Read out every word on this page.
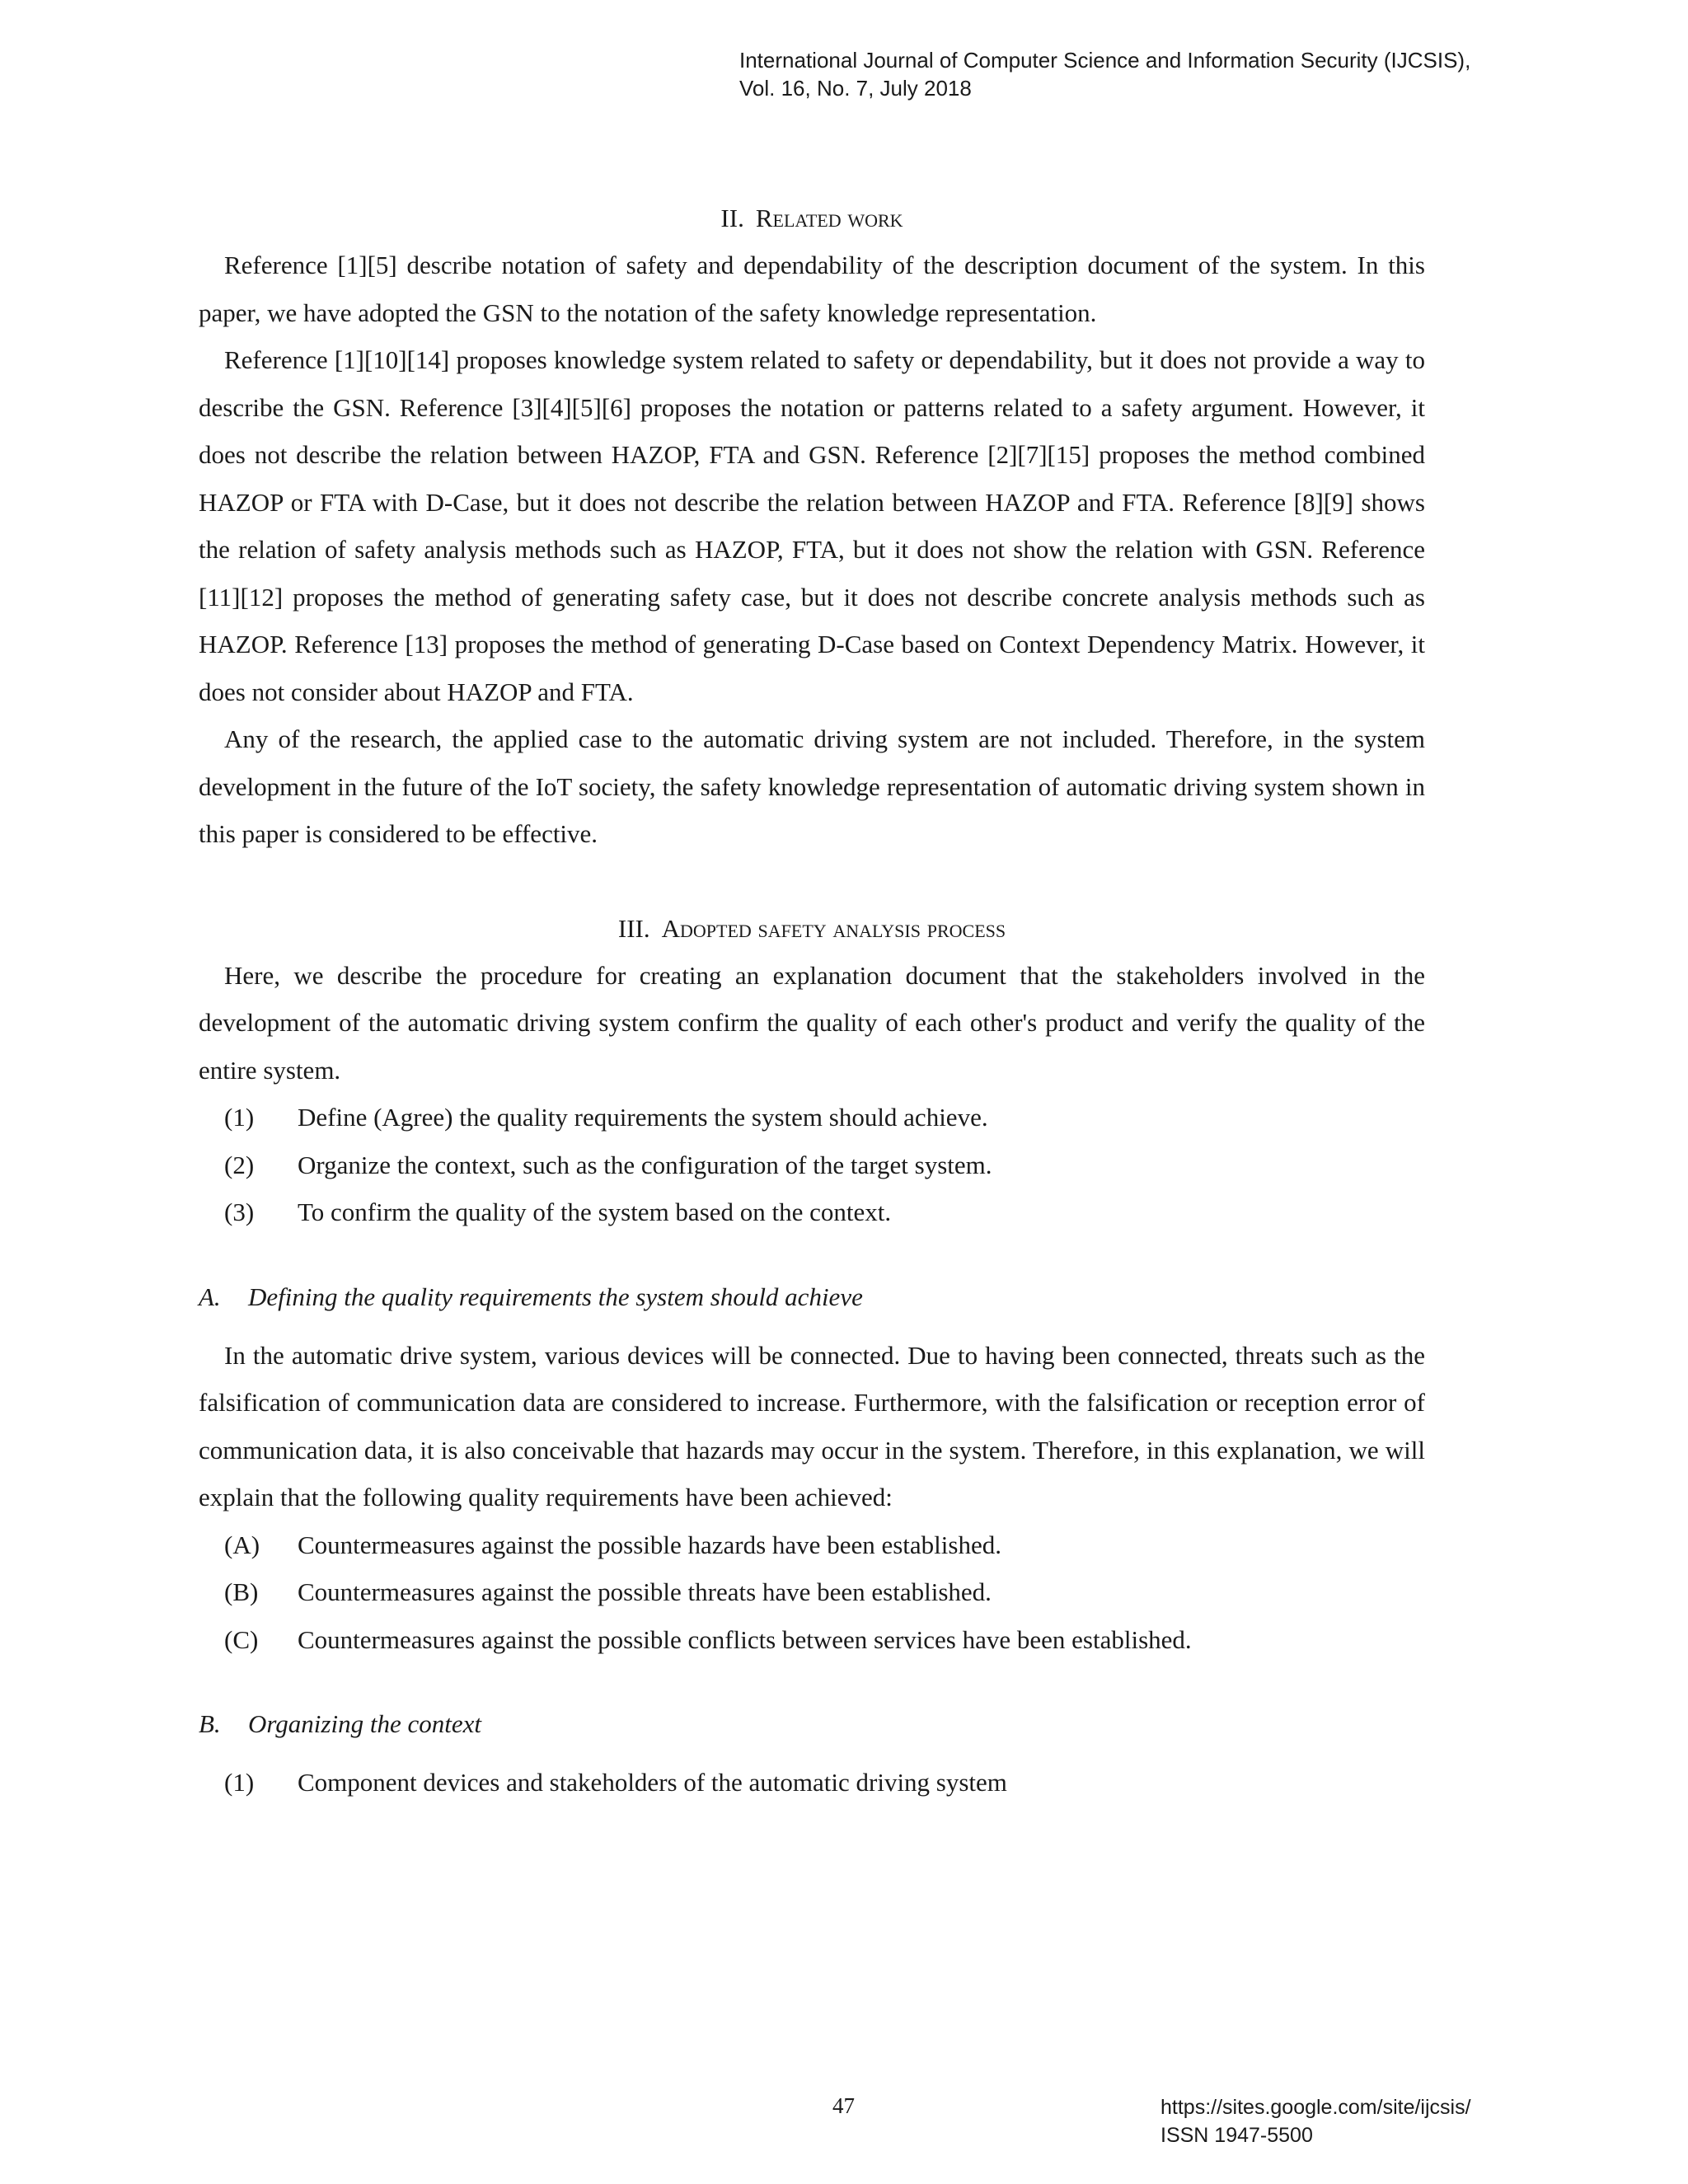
International Journal of Computer Science and Information Security (IJCSIS),
Vol. 16, No. 7, July 2018
II. Related work

Reference [1][5] describe notation of safety and dependability of the description document of the system. In this paper, we have adopted the GSN to the notation of the safety knowledge representation.

Reference [1][10][14] proposes knowledge system related to safety or dependability, but it does not provide a way to describe the GSN. Reference [3][4][5][6] proposes the notation or patterns related to a safety argument. However, it does not describe the relation between HAZOP, FTA and GSN. Reference [2][7][15] proposes the method combined HAZOP or FTA with D-Case, but it does not describe the relation between HAZOP and FTA. Reference [8][9] shows the relation of safety analysis methods such as HAZOP, FTA, but it does not show the relation with GSN. Reference [11][12] proposes the method of generating safety case, but it does not describe concrete analysis methods such as HAZOP. Reference [13] proposes the method of generating D-Case based on Context Dependency Matrix. However, it does not consider about HAZOP and FTA.

Any of the research, the applied case to the automatic driving system are not included. Therefore, in the system development in the future of the IoT society, the safety knowledge representation of automatic driving system shown in this paper is considered to be effective.

III. Adopted safety analysis process

Here, we describe the procedure for creating an explanation document that the stakeholders involved in the development of the automatic driving system confirm the quality of each other's product and verify the quality of the entire system.

(1)	Define (Agree) the quality requirements the system should achieve.
(2)	Organize the context, such as the configuration of the target system.
(3)	To confirm the quality of the system based on the context.
A.	Defining the quality requirements the system should achieve

In the automatic drive system, various devices will be connected. Due to having been connected, threats such as the falsification of communication data are considered to increase. Furthermore, with the falsification or reception error of communication data, it is also conceivable that hazards may occur in the system. Therefore, in this explanation, we will explain that the following quality requirements have been achieved:

(A)	Countermeasures against the possible hazards have been established.
(B)	Countermeasures against the possible threats have been established.
(C)	Countermeasures against the possible conflicts between services have been established.
B.	Organizing the context
(1)	Component devices and stakeholders of the automatic driving system
47	https://sites.google.com/site/ijcsis/
ISSN 1947-5500
